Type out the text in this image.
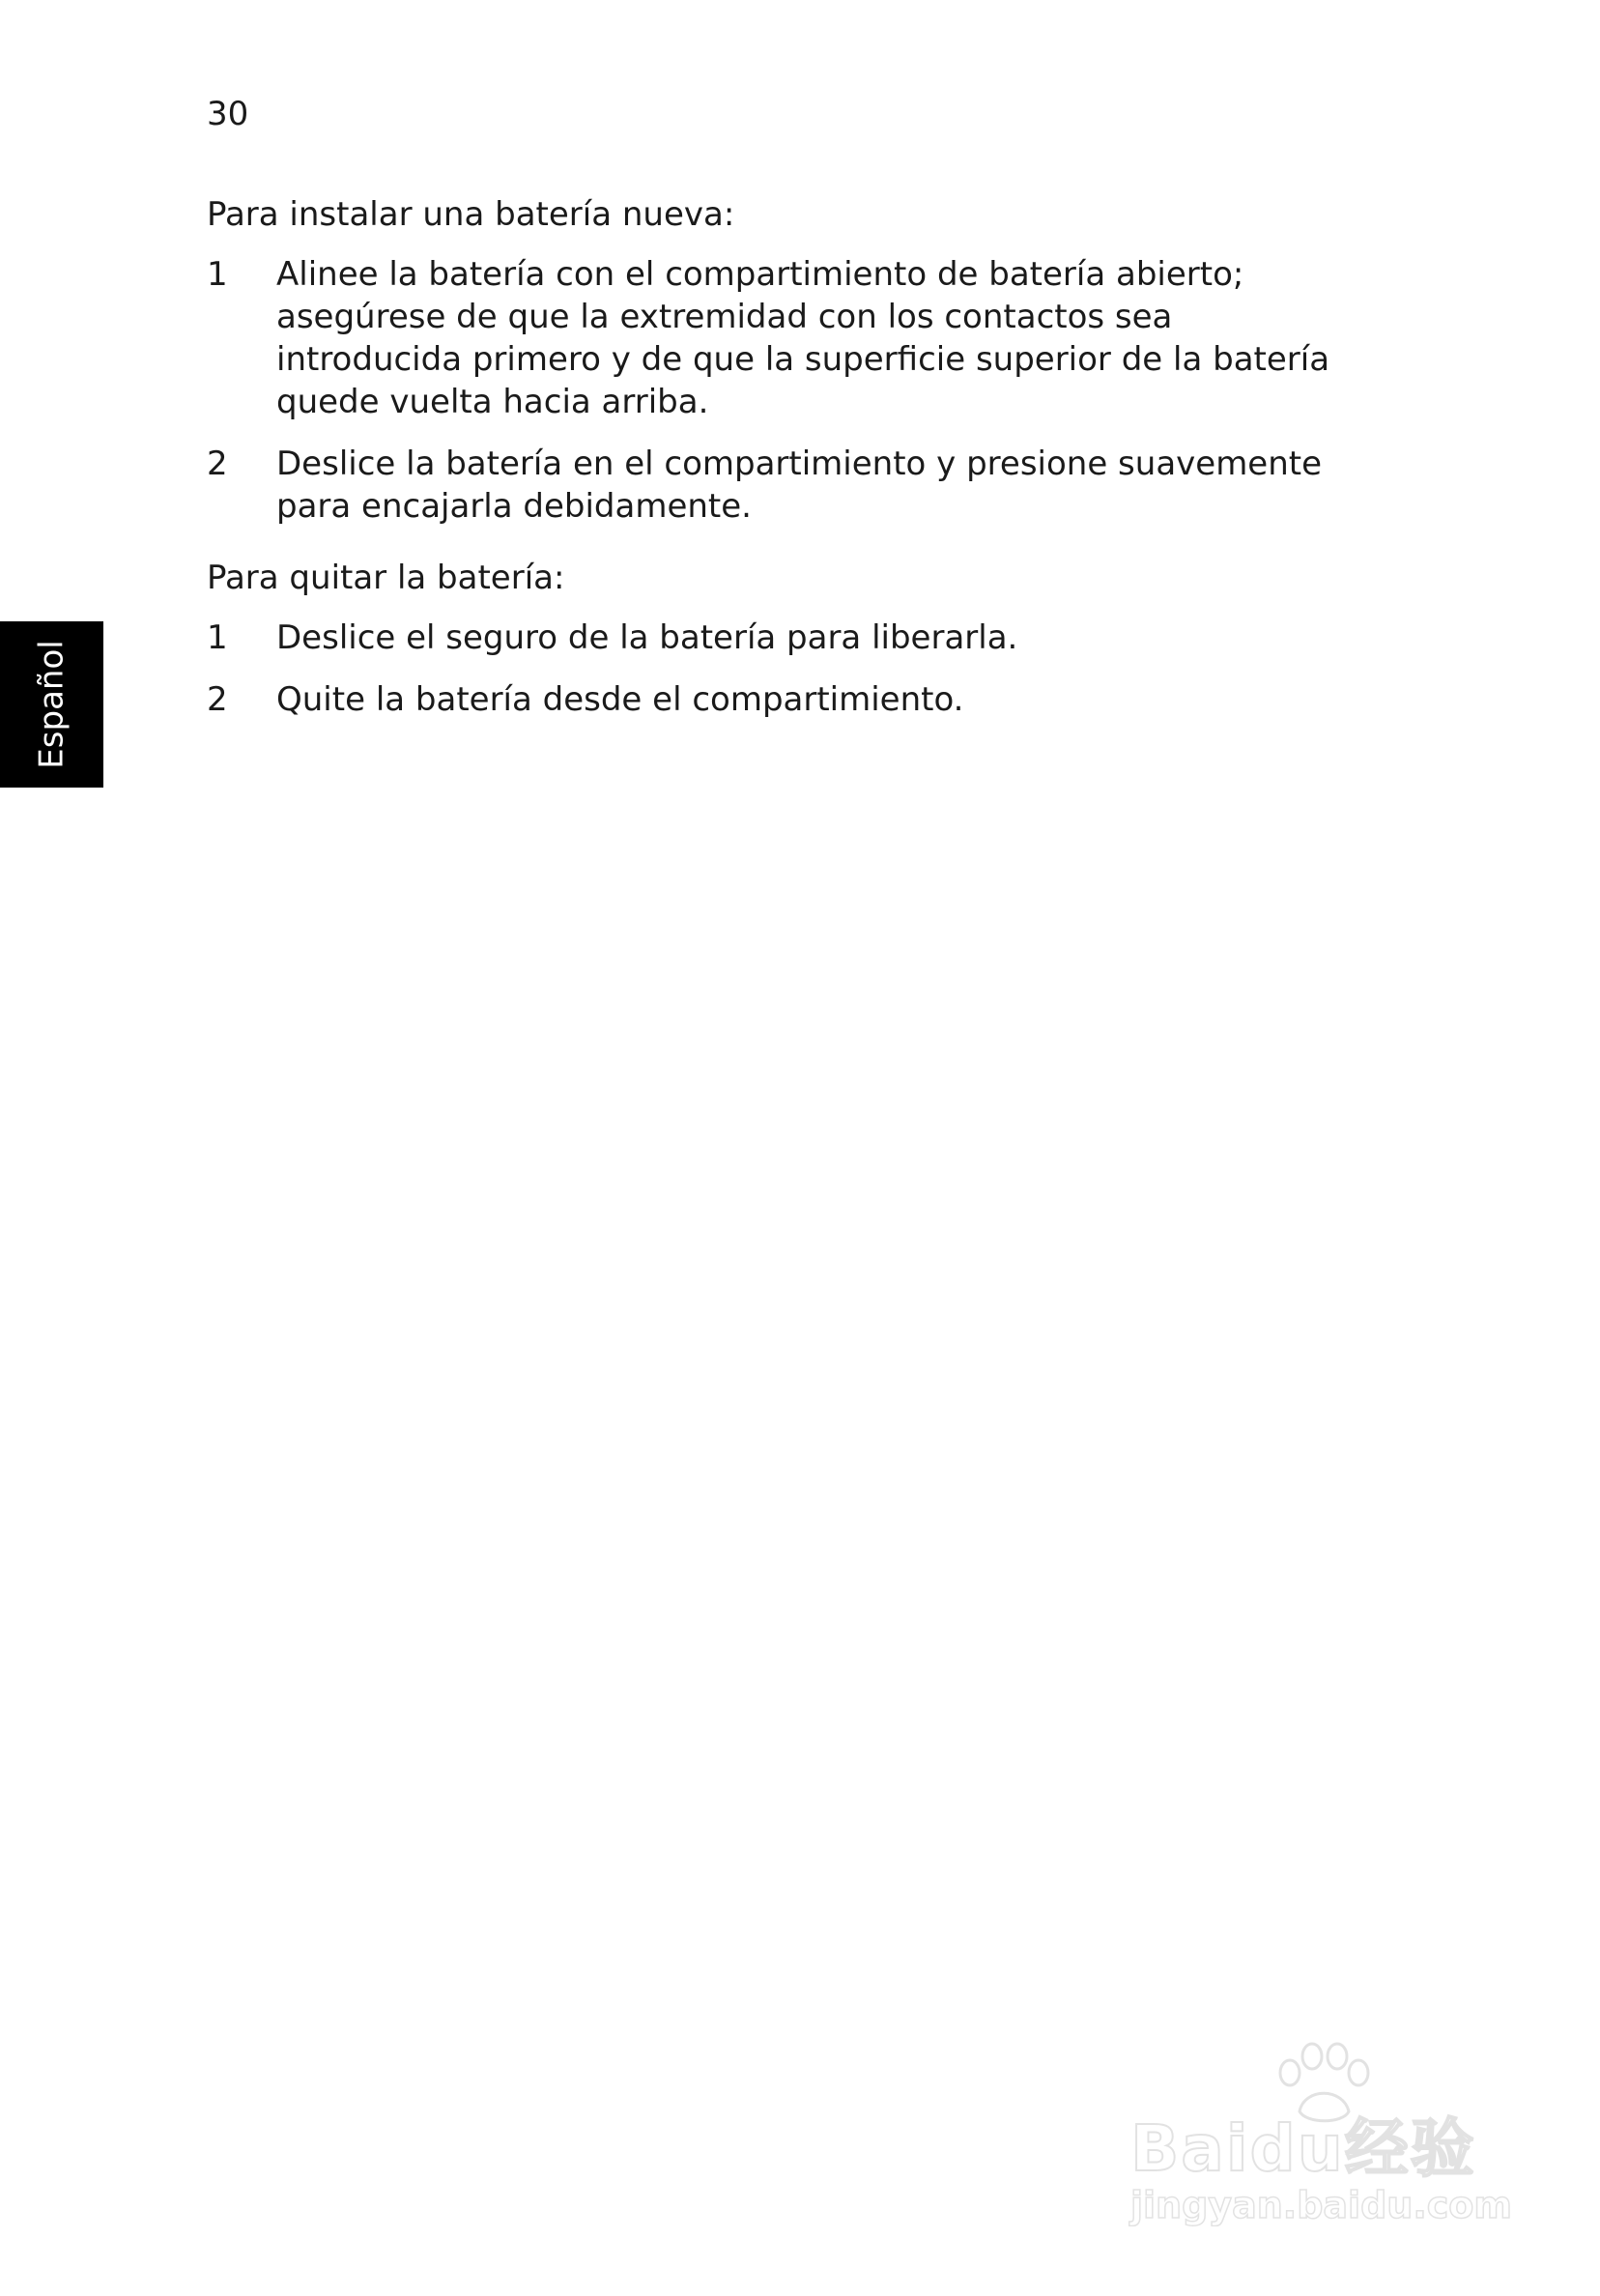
30
Español

Para instalar una batería nueva:

1	Alinee la batería con el compartimiento de batería abierto; asegúrese de que la extremidad con los contactos sea introducida primero y de que la superficie superior de la batería quede vuelta hacia arriba.
2	Deslice la batería en el compartimiento y presione suavemente para encajarla debidamente.

Para quitar la batería:

1	Deslice el seguro de la batería para liberarla.
2	Quite la batería desde el compartimiento.
Baidu经验
jingyan.baidu.com
